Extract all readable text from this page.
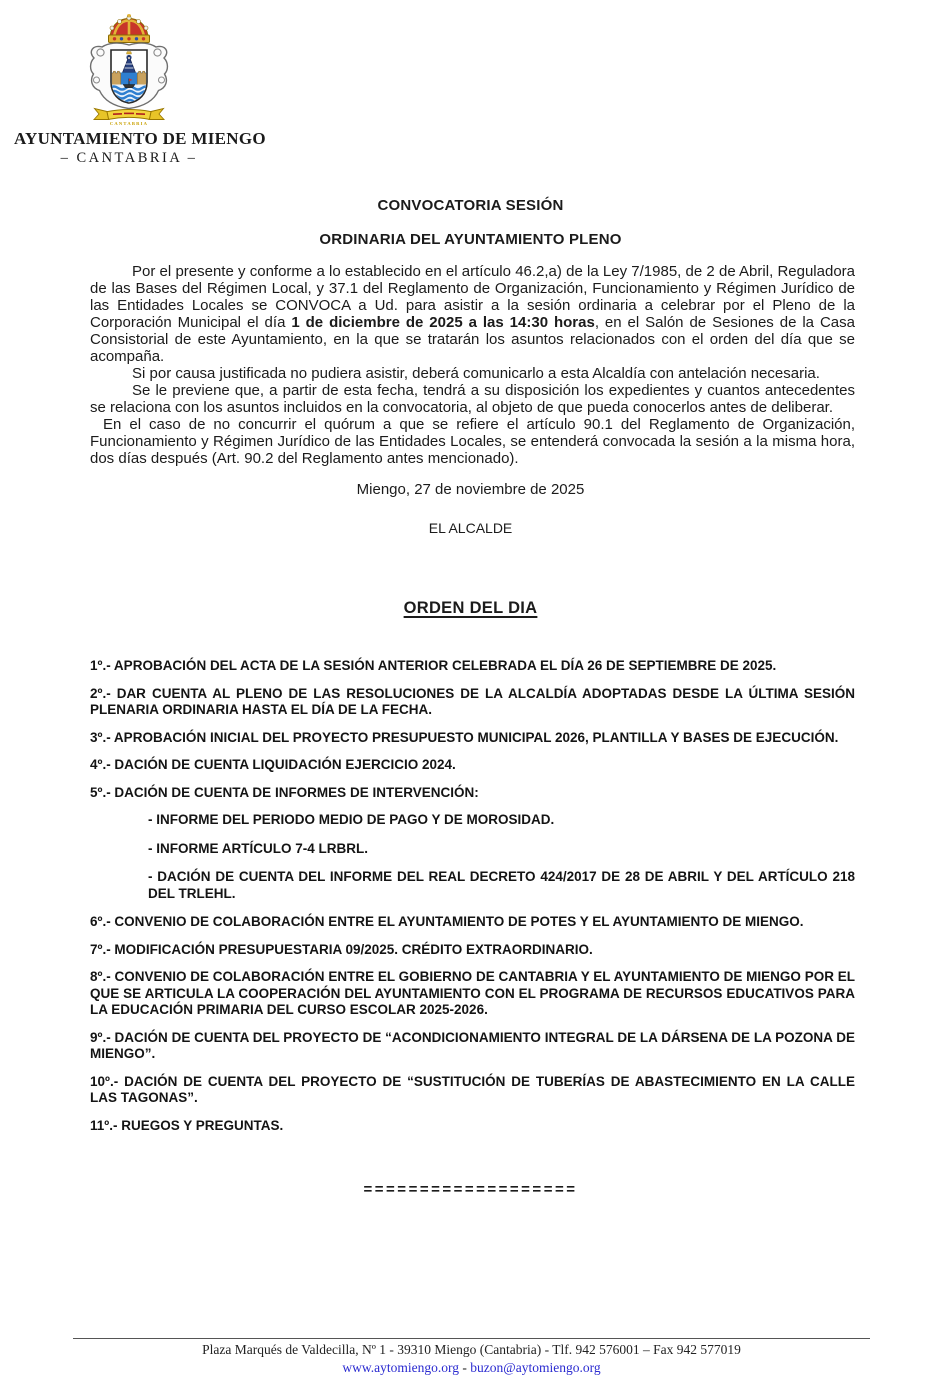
CANTABRIA
AYUNTAMIENTO DE MIENGO
– CANTABRIA –
CONVOCATORIA SESIÓN
ORDINARIA DEL AYUNTAMIENTO PLENO

Por el presente y conforme a lo establecido en el artículo 46.2,a) de la Ley 7/1985, de 2 de Abril, Reguladora de las Bases del Régimen Local, y 37.1 del Reglamento de Organización, Funcionamiento y Régimen Jurídico de las Entidades Locales se CONVOCA a Ud. para asistir a la sesión ordinaria a celebrar por el Pleno de la Corporación Municipal el día 1 de diciembre de 2025 a las 14:30 horas, en el Salón de Sesiones de la Casa Consistorial de este Ayuntamiento, en la que se tratarán los asuntos relacionados con el orden del día que se acompaña.

Si por causa justificada no pudiera asistir, deberá comunicarlo a esta Alcaldía con antelación necesaria.

Se le previene que, a partir de esta fecha, tendrá a su disposición los expedientes y cuantos antecedentes se relaciona con los asuntos incluidos en la convocatoria, al objeto de que pueda conocerlos antes de deliberar.

En el caso de no concurrir el quórum a que se refiere el artículo 90.1 del Reglamento de Organización, Funcionamiento y Régimen Jurídico de las Entidades Locales, se entenderá convocada la sesión a la misma hora, dos días después (Art. 90.2 del Reglamento antes mencionado).

Miengo, 27 de noviembre de 2025
EL ALCALDE
ORDEN DEL DIA
1º.- APROBACIÓN DEL ACTA DE LA SESIÓN ANTERIOR CELEBRADA EL DÍA 26 DE SEPTIEMBRE DE 2025.
2º.- DAR CUENTA AL PLENO DE LAS RESOLUCIONES DE LA ALCALDÍA ADOPTADAS DESDE LA ÚLTIMA SESIÓN PLENARIA ORDINARIA HASTA EL DÍA DE LA FECHA.
3º.- APROBACIÓN INICIAL DEL PROYECTO PRESUPUESTO MUNICIPAL 2026, PLANTILLA Y BASES DE EJECUCIÓN.
4º.- DACIÓN DE CUENTA LIQUIDACIÓN EJERCICIO 2024.
5º.- DACIÓN DE CUENTA DE INFORMES DE INTERVENCIÓN:
- INFORME DEL PERIODO MEDIO DE PAGO Y DE MOROSIDAD.
- INFORME ARTÍCULO 7-4 LRBRL.
- DACIÓN DE CUENTA DEL INFORME DEL REAL DECRETO 424/2017 DE 28 DE ABRIL Y DEL ARTÍCULO 218 DEL TRLEHL.
6º.- CONVENIO DE COLABORACIÓN ENTRE EL AYUNTAMIENTO DE POTES Y EL AYUNTAMIENTO DE MIENGO.
7º.- MODIFICACIÓN PRESUPUESTARIA 09/2025. CRÉDITO EXTRAORDINARIO.
8º.- CONVENIO DE COLABORACIÓN ENTRE EL GOBIERNO DE CANTABRIA Y EL AYUNTAMIENTO DE MIENGO POR EL QUE SE ARTICULA LA COOPERACIÓN DEL AYUNTAMIENTO CON EL PROGRAMA DE RECURSOS EDUCATIVOS PARA LA EDUCACIÓN PRIMARIA DEL CURSO ESCOLAR 2025-2026.
9º.- DACIÓN DE CUENTA DEL PROYECTO DE “ACONDICIONAMIENTO INTEGRAL DE LA DÁRSENA DE LA POZONA DE MIENGO”.
10º.- DACIÓN DE CUENTA DEL PROYECTO DE “SUSTITUCIÓN DE TUBERÍAS DE ABASTECIMIENTO EN LA CALLE LAS TAGONAS”.
11º.- RUEGOS Y PREGUNTAS.
===================
Plaza Marqués de Valdecilla, Nº 1 - 39310 Miengo (Cantabria) - Tlf. 942 576001 – Fax 942 577019
www.aytomiengo.org - buzon@aytomiengo.org
